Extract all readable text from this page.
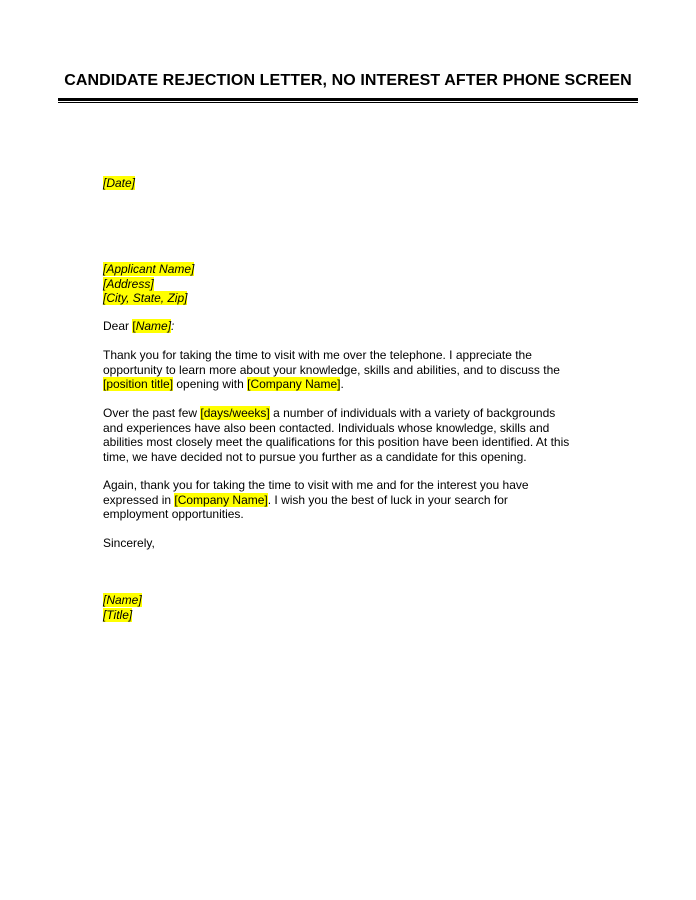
CANDIDATE REJECTION LETTER, NO INTEREST AFTER PHONE SCREEN

[Date]

[Applicant Name]

[Address]

[City, State, Zip]

Dear [Name]:

Thank you for taking the time to visit with me over the telephone. I appreciate the

opportunity to learn more about your knowledge, skills and abilities, and to discuss the

[position title] opening with [Company Name].

Over the past few [days/weeks] a number of individuals with a variety of backgrounds

and experiences have also been contacted. Individuals whose knowledge, skills and

abilities most closely meet the qualifications for this position have been identified. At this

time, we have decided not to pursue you further as a candidate for this opening.

Again, thank you for taking the time to visit with me and for the interest you have

expressed in [Company Name]. I wish you the best of luck in your search for

employment opportunities.

Sincerely,

[Name]

[Title]
